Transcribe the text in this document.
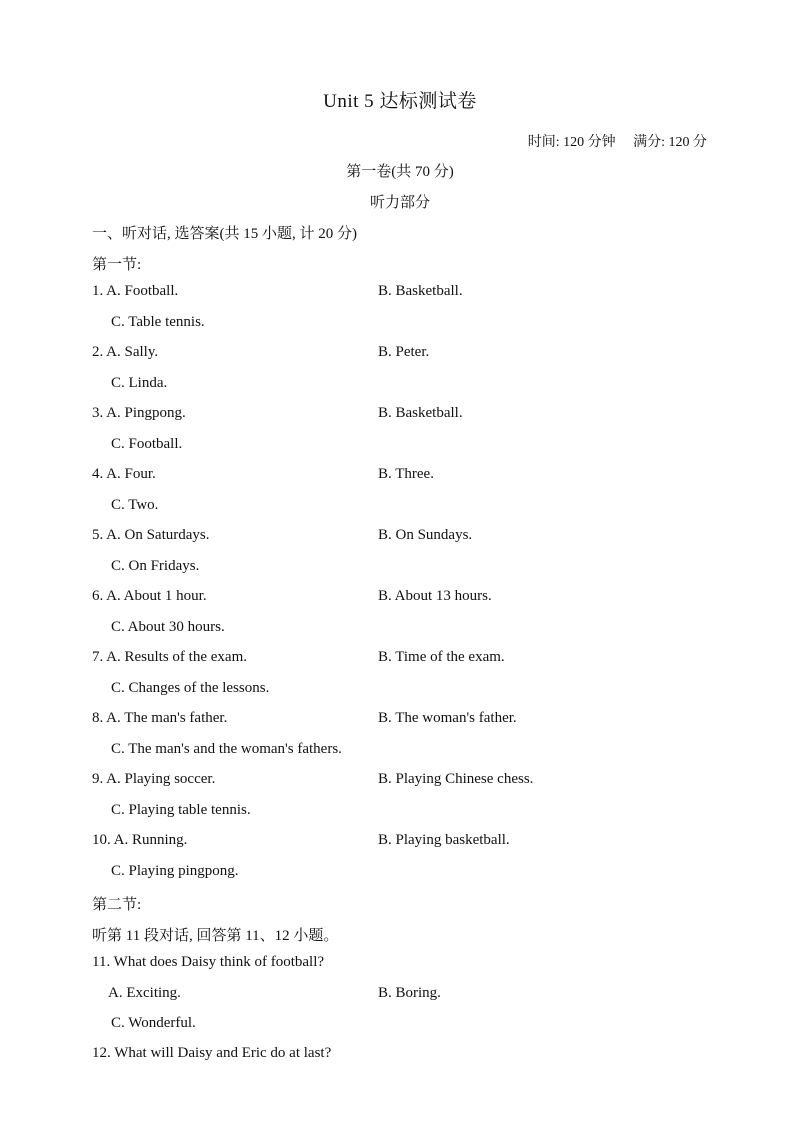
Unit 5 达标测试卷
时间: 120 分钟 满分: 120 分
第一卷(共 70 分)
听力部分
一、听对话, 选答案(共 15 小题, 计 20 分)
第一节:
1. A. Football.	B. Basketball.
C. Table tennis.
2. A. Sally.	B. Peter.
C. Linda.
3. A. Pingpong.	B. Basketball.
C. Football.
4. A. Four.	B. Three.
C. Two.
5. A. On Saturdays.	B. On Sundays.
C. On Fridays.
6. A. About 1 hour.	B. About 13 hours.
C. About 30 hours.
7. A. Results of the exam.	B. Time of the exam.
C. Changes of the lessons.
8. A. The man's father.	B. The woman's father.
C. The man's and the woman's fathers.
9. A. Playing soccer.	B. Playing Chinese chess.
C. Playing table tennis.
10. A. Running.	B. Playing basketball.
C. Playing pingpong.
第二节:
听第 11 段对话, 回答第 11、12 小题。
11. What does Daisy think of football?
A. Exciting.	B. Boring.
C. Wonderful.
12. What will Daisy and Eric do at last?
